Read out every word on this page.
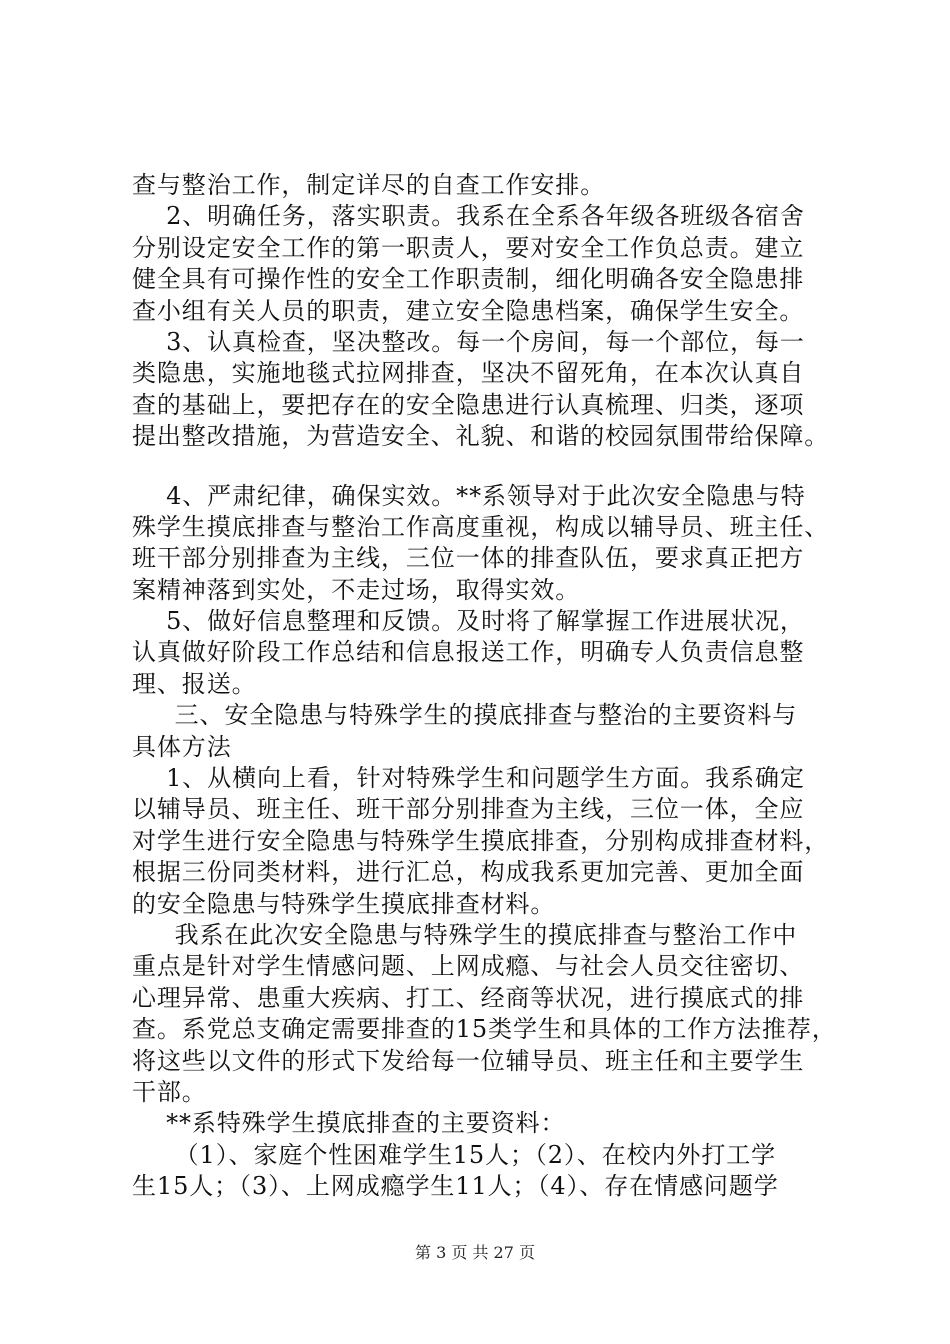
查与整治工作，制定详尽的自查工作安排。
2、明确任务，落实职责。我系在全系各年级各班级各宿舍
分别设定安全工作的第一职责人，要对安全工作负总责。建立
健全具有可操作性的安全工作职责制，细化明确各安全隐患排
查小组有关人员的职责，建立安全隐患档案，确保学生安全。
3、认真检查，坚决整改。每一个房间，每一个部位，每一
类隐患，实施地毯式拉网排查，坚决不留死角，在本次认真自
查的基础上，要把存在的安全隐患进行认真梳理、归类，逐项
提出整改措施，为营造安全、礼貌、和谐的校园氛围带给保障。
4、严肃纪律，确保实效。**系领导对于此次安全隐患与特
殊学生摸底排查与整治工作高度重视，构成以辅导员、班主任、
班干部分别排查为主线，三位一体的排查队伍，要求真正把方
案精神落到实处，不走过场，取得实效。
5、做好信息整理和反馈。及时将了解掌握工作进展状况，
认真做好阶段工作总结和信息报送工作，明确专人负责信息整
理、报送。
三、安全隐患与特殊学生的摸底排查与整治的主要资料与
具体方法
1、从横向上看，针对特殊学生和问题学生方面。我系确定
以辅导员、班主任、班干部分别排查为主线，三位一体，全应
对学生进行安全隐患与特殊学生摸底排查，分别构成排查材料，
根据三份同类材料，进行汇总，构成我系更加完善、更加全面
的安全隐患与特殊学生摸底排查材料。
我系在此次安全隐患与特殊学生的摸底排查与整治工作中
重点是针对学生情感问题、上网成瘾、与社会人员交往密切、
心理异常、患重大疾病、打工、经商等状况，进行摸底式的排
查。系党总支确定需要排查的15类学生和具体的工作方法推荐，
将这些以文件的形式下发给每一位辅导员、班主任和主要学生
干部。
**系特殊学生摸底排查的主要资料：
（1）、家庭个性困难学生15人；（2）、在校内外打工学
生15人；（3）、上网成瘾学生11人；（4）、存在情感问题学
第 3 页 共 27 页
